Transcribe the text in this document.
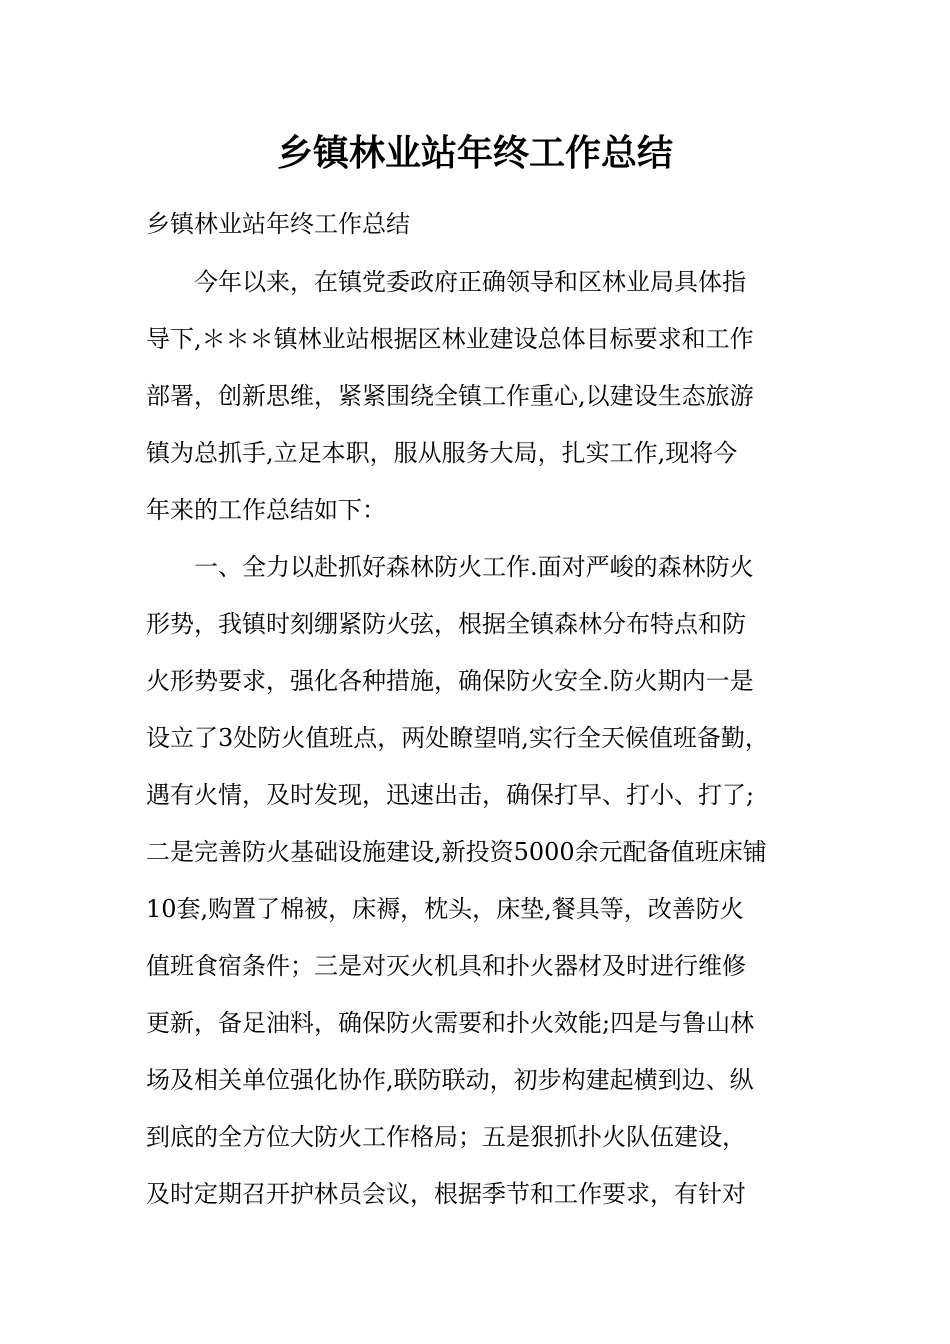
乡镇林业站年终工作总结

乡镇林业站年终工作总结

今年以来，在镇党委政府正确领导和区林业局具体指

导下,＊＊＊镇林业站根据区林业建设总体目标要求和工作

部署，创新思维，紧紧围绕全镇工作重心,以建设生态旅游

镇为总抓手,立足本职，服从服务大局，扎实工作,现将今

年来的工作总结如下：

一、全力以赴抓好森林防火工作.面对严峻的森林防火

形势，我镇时刻绷紧防火弦，根据全镇森林分布特点和防

火形势要求，强化各种措施，确保防火安全.防火期内一是

设立了3处防火值班点，两处瞭望哨,实行全天候值班备勤，

遇有火情，及时发现，迅速出击，确保打早、打小、打了;

二是完善防火基础设施建设,新投资5000余元配备值班床铺

10套,购置了棉被，床褥，枕头，床垫,餐具等，改善防火

值班食宿条件；三是对灭火机具和扑火器材及时进行维修

更新，备足油料，确保防火需要和扑火效能;四是与鲁山林

场及相关单位强化协作,联防联动，初步构建起横到边、纵

到底的全方位大防火工作格局；五是狠抓扑火队伍建设，

及时定期召开护林员会议，根据季节和工作要求，有针对
